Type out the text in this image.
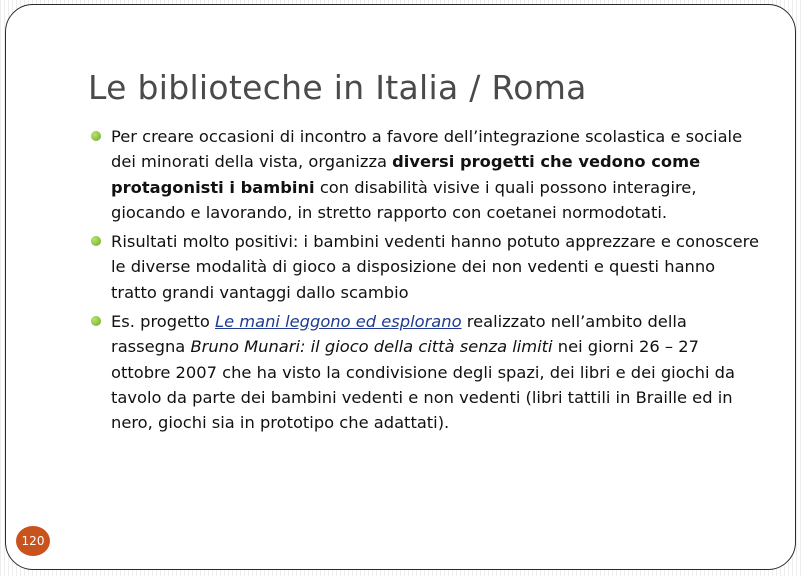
Le biblioteche in Italia / Roma
Per creare occasioni di incontro a favore dell’integrazione scolastica e sociale dei minorati della vista, organizza diversi progetti che vedono come protagonisti i bambini con disabilità visive i quali possono interagire, giocando e lavorando, in stretto rapporto con coetanei normodotati.
Risultati molto positivi: i bambini vedenti hanno potuto apprezzare e conoscere le diverse modalità di gioco a disposizione dei non vedenti e questi hanno tratto grandi vantaggi dallo scambio
Es. progetto Le mani leggono ed esplorano realizzato nell’ambito della rassegna Bruno Munari: il gioco della città senza limiti nei giorni 26 – 27 ottobre 2007 che ha visto la condivisione degli spazi, dei libri e dei giochi da tavolo da parte dei bambini vedenti e non vedenti (libri tattili in Braille ed in nero, giochi sia in prototipo che adattati).
120
